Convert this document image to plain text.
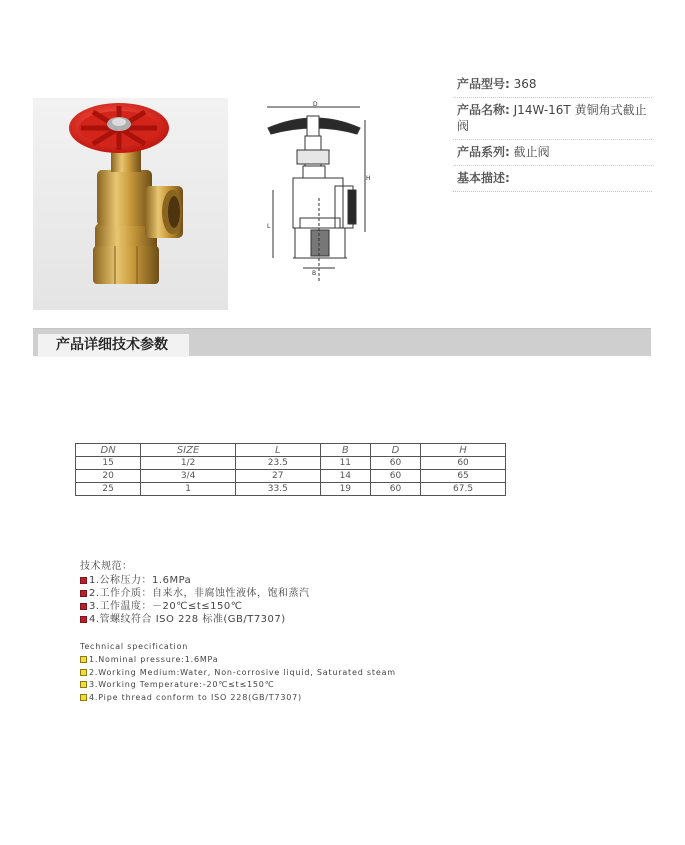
D
H
L
B
产品型号: 368
产品名称: J14W-16T 黄铜角式截止阀
产品系列: 截止阀
基本描述:
产品详细技术参数
DN	SIZE	L	B	D	H
15	1/2	23.5	11	60	60
20	3/4	27	14	60	65
25	1	33.5	19	60	67.5
技术规范：
1.公称压力：1.6MPa
2.工作介质：自来水，非腐蚀性液体，饱和蒸汽
3.工作温度：－20℃≤t≤150℃
4.管螺纹符合 ISO 228 标准(GB/T7307)
Technical specification
1.Nominal pressure:1.6MPa
2.Working Medium:Water, Non-corrosive liquid, Saturated steam
3.Working Temperature:-20℃≤t≤150℃
4.Pipe thread conform to ISO 228(GB/T7307)
